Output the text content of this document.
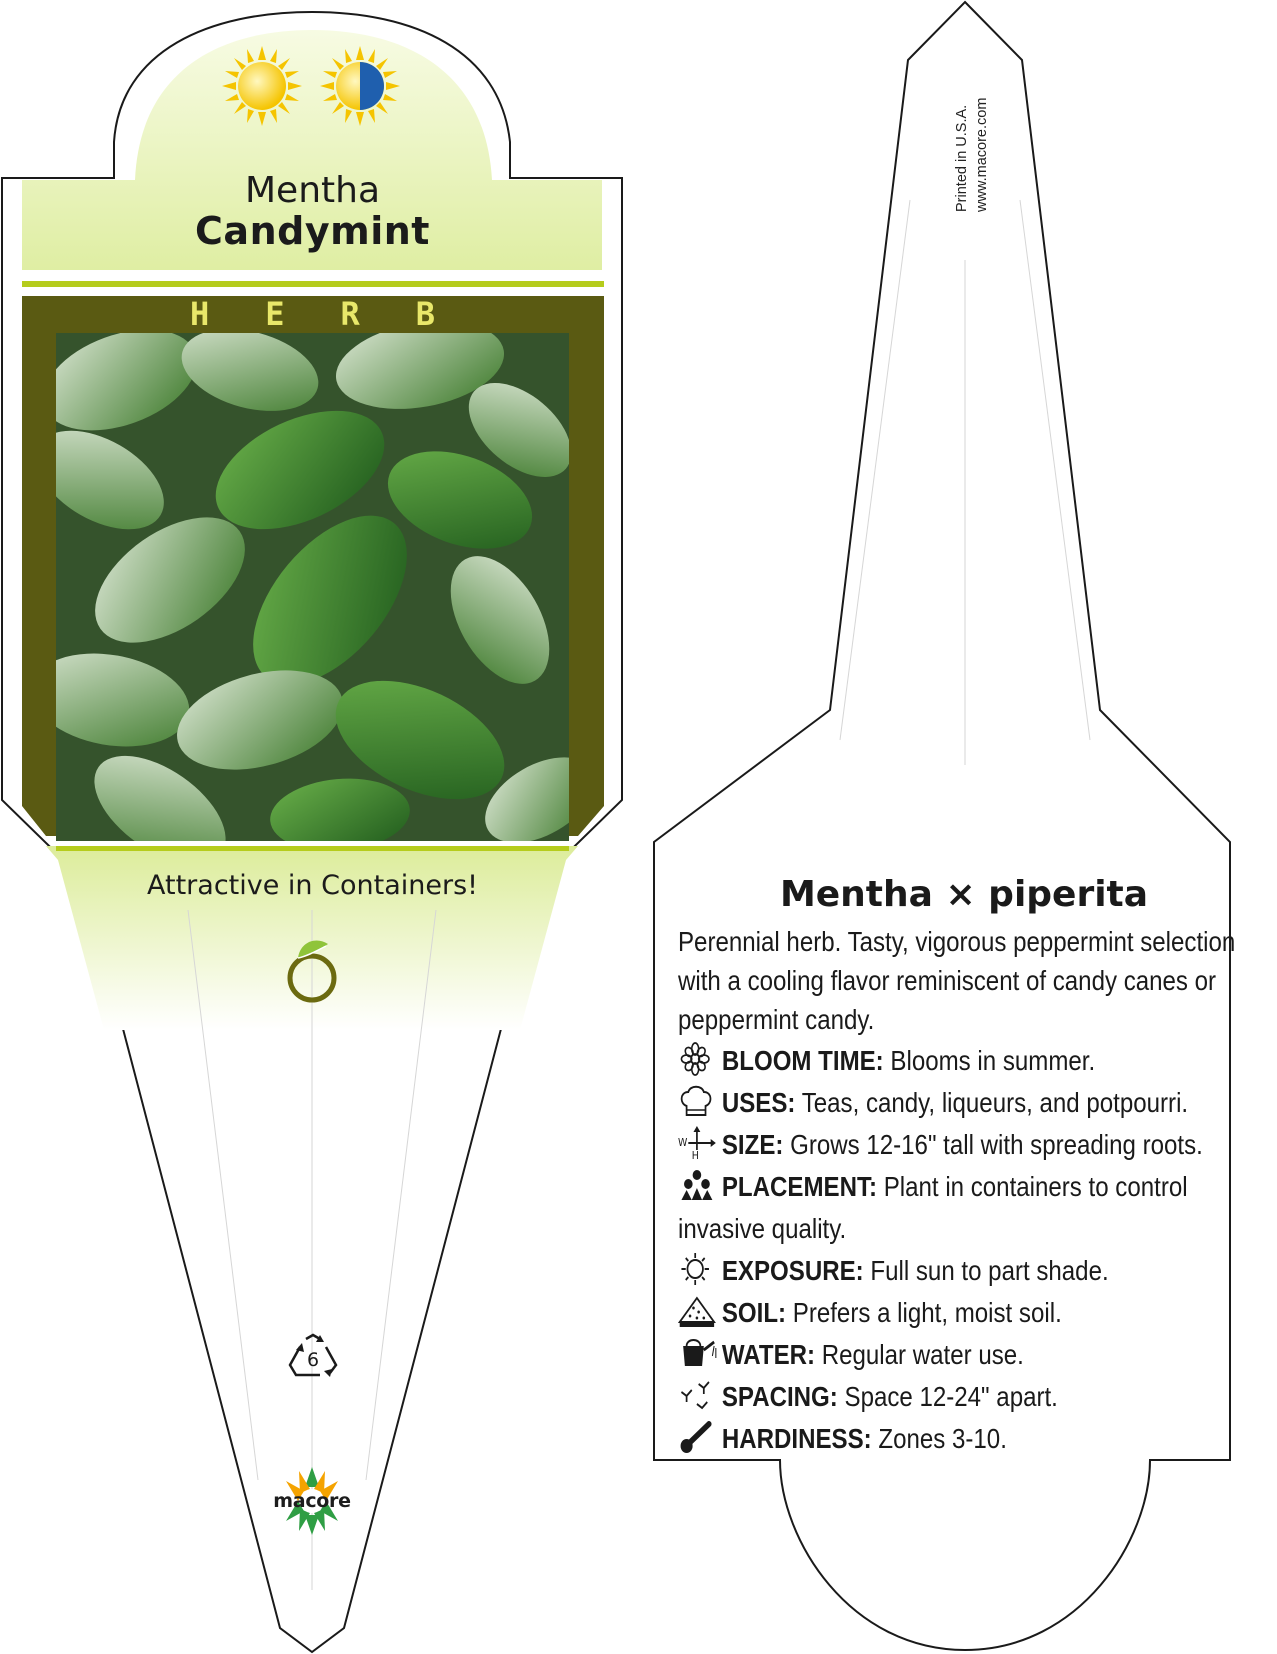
Mentha
Candymint
HERB
Attractive in Containers!
6
macore
Printed in U.S.A. www.macore.com
Mentha × piperita
Perennial herb. Tasty, vigorous peppermint selection with a cooling flavor reminiscent of candy canes or peppermint candy.
BLOOM TIME: Blooms in summer.
USES: Teas, candy, liqueurs, and potpourri.
W
H SIZE: Grows 12-16" tall with spreading roots.
PLACEMENT: Plant in containers to control
invasive quality.
EXPOSURE: Full sun to part shade.
SOIL: Prefers a light, moist soil.
WATER: Regular water use.
SPACING: Space 12-24" apart.
HARDINESS: Zones 3-10.
